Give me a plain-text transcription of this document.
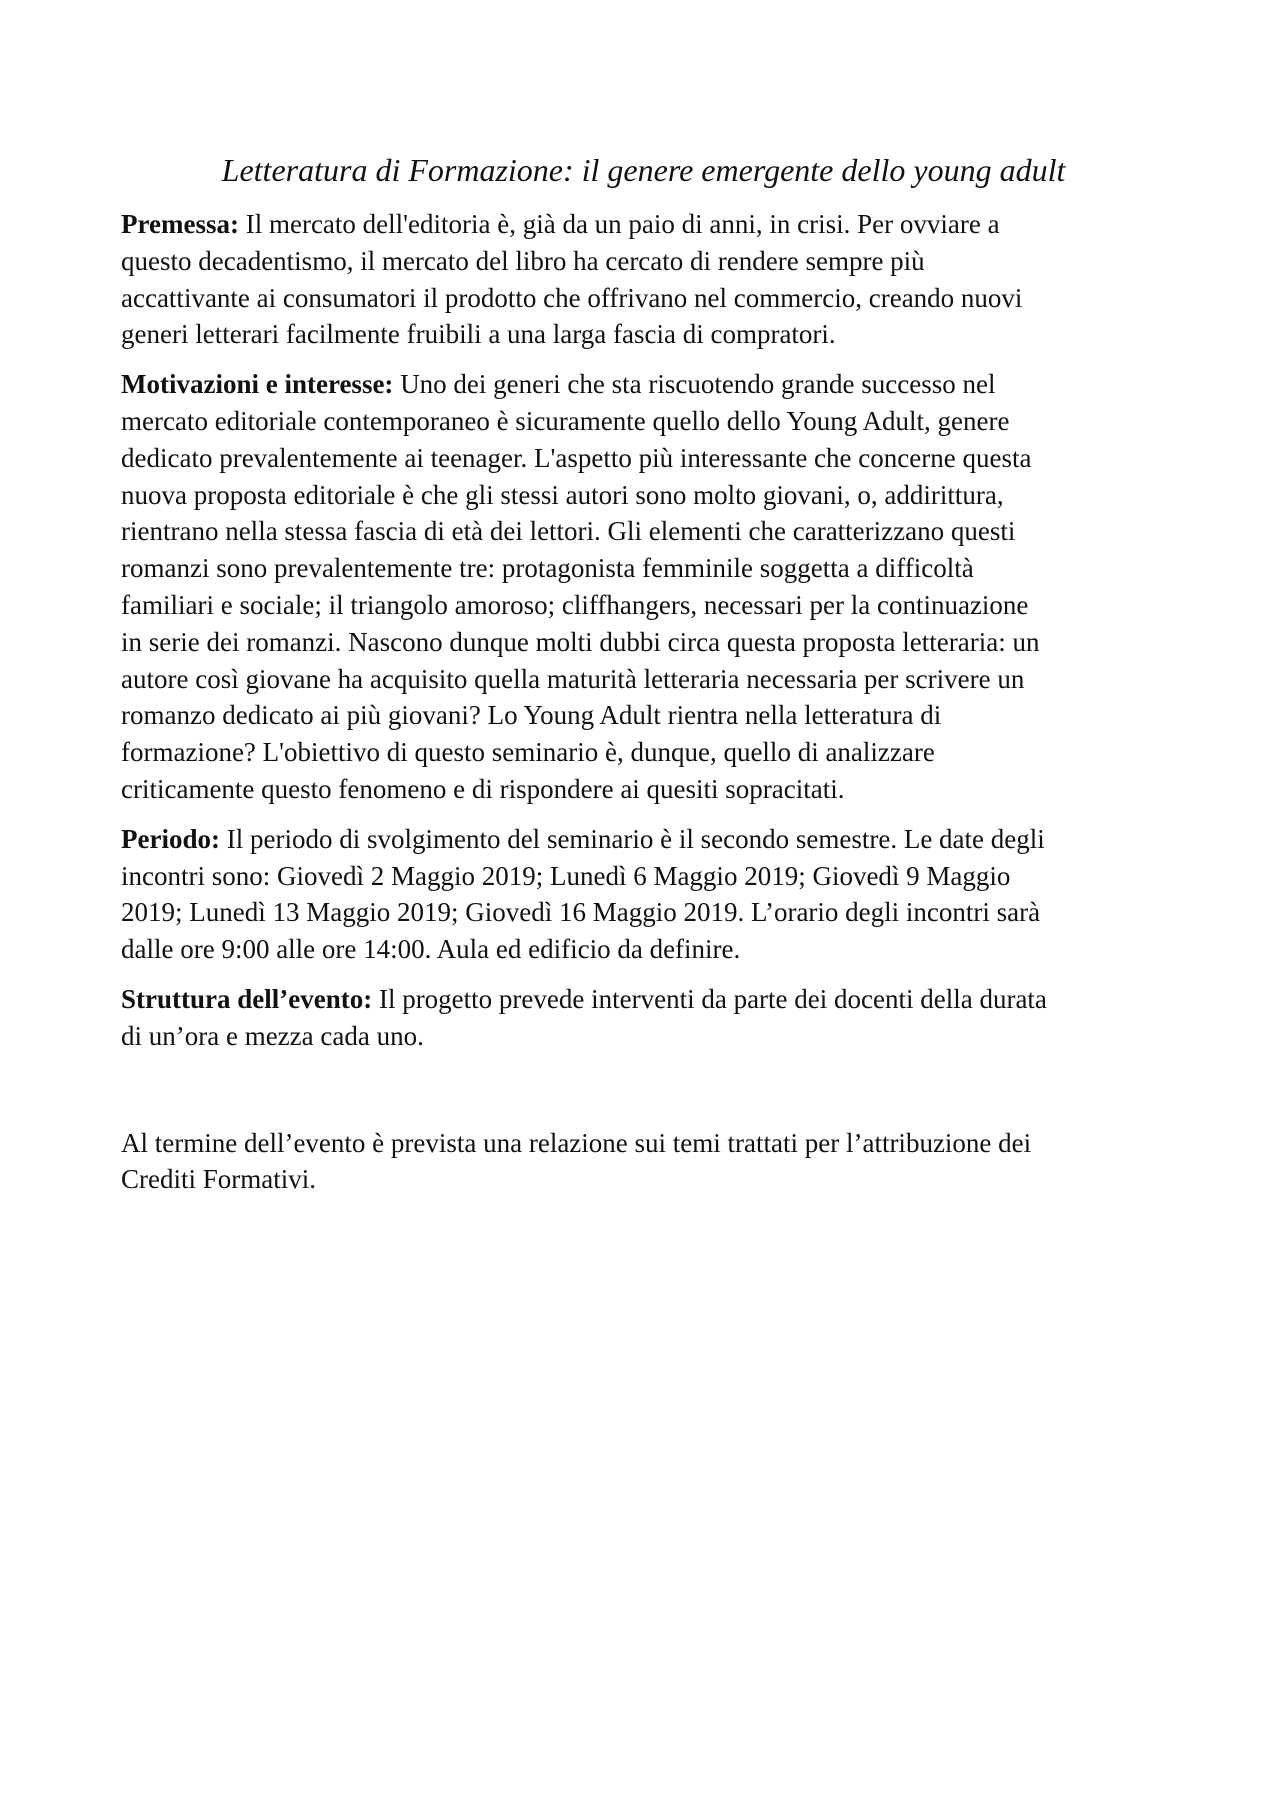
Letteratura di Formazione: il genere emergente dello young adult

Premessa: Il mercato dell'editoria è, già da un paio di anni, in crisi. Per ovviare a
questo decadentismo, il mercato del libro ha cercato di rendere sempre più
accattivante ai consumatori il prodotto che offrivano nel commercio, creando nuovi
generi letterari facilmente fruibili a una larga fascia di compratori.

Motivazioni e interesse: Uno dei generi che sta riscuotendo grande successo nel
mercato editoriale contemporaneo è sicuramente quello dello Young Adult, genere
dedicato prevalentemente ai teenager. L'aspetto più interessante che concerne questa
nuova proposta editoriale è che gli stessi autori sono molto giovani, o, addirittura,
rientrano nella stessa fascia di età dei lettori. Gli elementi che caratterizzano questi
romanzi sono prevalentemente tre: protagonista femminile soggetta a difficoltà
familiari e sociale; il triangolo amoroso; cliffhangers, necessari per la continuazione
in serie dei romanzi. Nascono dunque molti dubbi circa questa proposta letteraria: un
autore così giovane ha acquisito quella maturità letteraria necessaria per scrivere un
romanzo dedicato ai più giovani? Lo Young Adult rientra nella letteratura di
formazione? L'obiettivo di questo seminario è, dunque, quello di analizzare
criticamente questo fenomeno e di rispondere ai quesiti sopracitati.

Periodo: Il periodo di svolgimento del seminario è il secondo semestre. Le date degli
incontri sono: Giovedì 2 Maggio 2019; Lunedì 6 Maggio 2019; Giovedì 9 Maggio
2019; Lunedì 13 Maggio 2019; Giovedì 16 Maggio 2019. L’orario degli incontri sarà
dalle ore 9:00 alle ore 14:00. Aula ed edificio da definire.

Struttura dell’evento: Il progetto prevede interventi da parte dei docenti della durata
di un’ora e mezza cada uno.

Al termine dell’evento è prevista una relazione sui temi trattati per l’attribuzione dei
Crediti Formativi.
